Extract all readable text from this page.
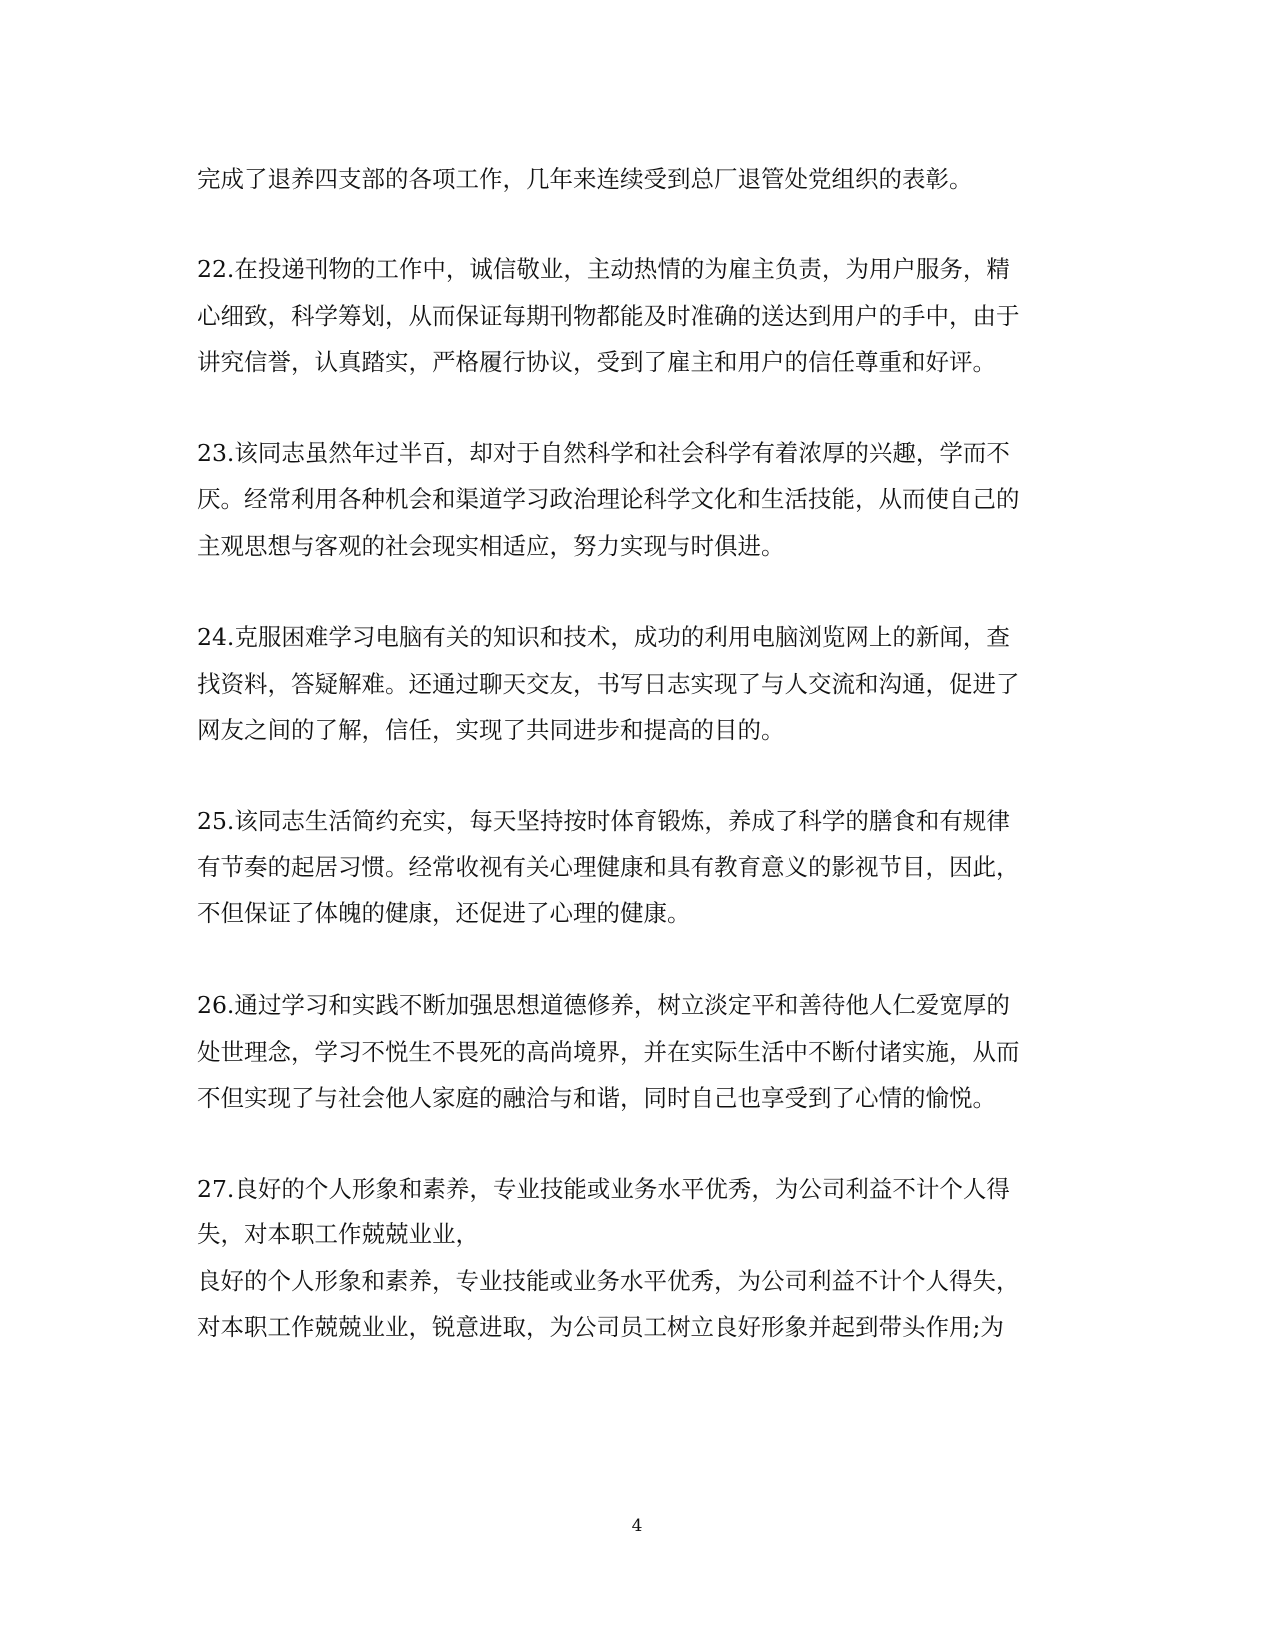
完成了退养四支部的各项工作，几年来连续受到总厂退管处党组织的表彰。
22.在投递刊物的工作中，诚信敬业，主动热情的为雇主负责，为用户服务，精
心细致，科学筹划，从而保证每期刊物都能及时准确的送达到用户的手中，由于
讲究信誉，认真踏实，严格履行协议，受到了雇主和用户的信任尊重和好评。
23.该同志虽然年过半百，却对于自然科学和社会科学有着浓厚的兴趣，学而不
厌。经常利用各种机会和渠道学习政治理论科学文化和生活技能，从而使自己的
主观思想与客观的社会现实相适应，努力实现与时俱进。
24.克服困难学习电脑有关的知识和技术，成功的利用电脑浏览网上的新闻，查
找资料，答疑解难。还通过聊天交友，书写日志实现了与人交流和沟通，促进了
网友之间的了解，信任，实现了共同进步和提高的目的。
25.该同志生活简约充实，每天坚持按时体育锻炼，养成了科学的膳食和有规律
有节奏的起居习惯。经常收视有关心理健康和具有教育意义的影视节目，因此，
不但保证了体魄的健康，还促进了心理的健康。
26.通过学习和实践不断加强思想道德修养，树立淡定平和善待他人仁爱宽厚的
处世理念，学习不悦生不畏死的高尚境界，并在实际生活中不断付诸实施，从而
不但实现了与社会他人家庭的融洽与和谐，同时自己也享受到了心情的愉悦。
27.良好的个人形象和素养，专业技能或业务水平优秀，为公司利益不计个人得
失，对本职工作兢兢业业，
良好的个人形象和素养，专业技能或业务水平优秀，为公司利益不计个人得失，
对本职工作兢兢业业，锐意进取，为公司员工树立良好形象并起到带头作用;为
4
